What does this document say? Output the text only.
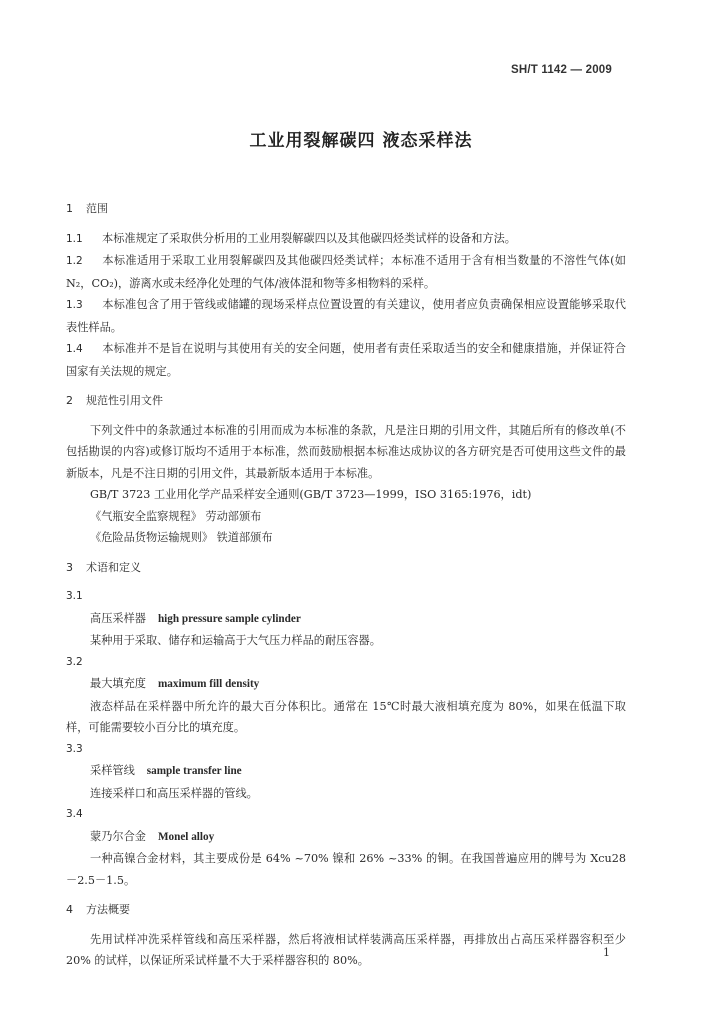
SH/T 1142 — 2009
工业用裂解碳四 液态采样法

1 范围

1.1 本标准规定了采取供分析用的工业用裂解碳四以及其他碳四烃类试样的设备和方法。

1.2 本标准适用于采取工业用裂解碳四及其他碳四烃类试样；本标准不适用于含有相当数量的不溶性气体(如 N₂，CO₂)，游离水或未经净化处理的气体/液体混和物等多相物料的采样。

1.3 本标准包含了用于管线或储罐的现场采样点位置设置的有关建议，使用者应负责确保相应设置能够采取代表性样品。

1.4 本标准并不是旨在说明与其使用有关的安全问题，使用者有责任采取适当的安全和健康措施，并保证符合国家有关法规的规定。

2 规范性引用文件

下列文件中的条款通过本标准的引用而成为本标准的条款，凡是注日期的引用文件，其随后所有的修改单(不包括勘误的内容)或修订版均不适用于本标准，然而鼓励根据本标准达成协议的各方研究是否可使用这些文件的最新版本，凡是不注日期的引用文件，其最新版本适用于本标准。

GB/T 3723 工业用化学产品采样安全通则(GB/T 3723—1999，ISO 3165:1976，idt)

《气瓶安全监察规程》 劳动部颁布

《危险品货物运输规则》 铁道部颁布

3 术语和定义

3.1

高压采样器 high pressure sample cylinder

某种用于采取、储存和运输高于大气压力样品的耐压容器。

3.2

最大填充度 maximum fill density

液态样品在采样器中所允许的最大百分体积比。通常在 15℃时最大液相填充度为 80%，如果在低温下取样，可能需要较小百分比的填充度。

3.3

采样管线 sample transfer line

连接采样口和高压采样器的管线。

3.4

蒙乃尔合金 Monel alloy

一种高镍合金材料，其主要成份是 64% ~70% 镍和 26% ~33% 的铜。在我国普遍应用的牌号为 Xcu28－2.5－1.5。

4 方法概要

先用试样冲洗采样管线和高压采样器，然后将液相试样装满高压采样器，再排放出占高压采样器容积至少 20% 的试样，以保证所采试样量不大于采样器容积的 80%。

1
